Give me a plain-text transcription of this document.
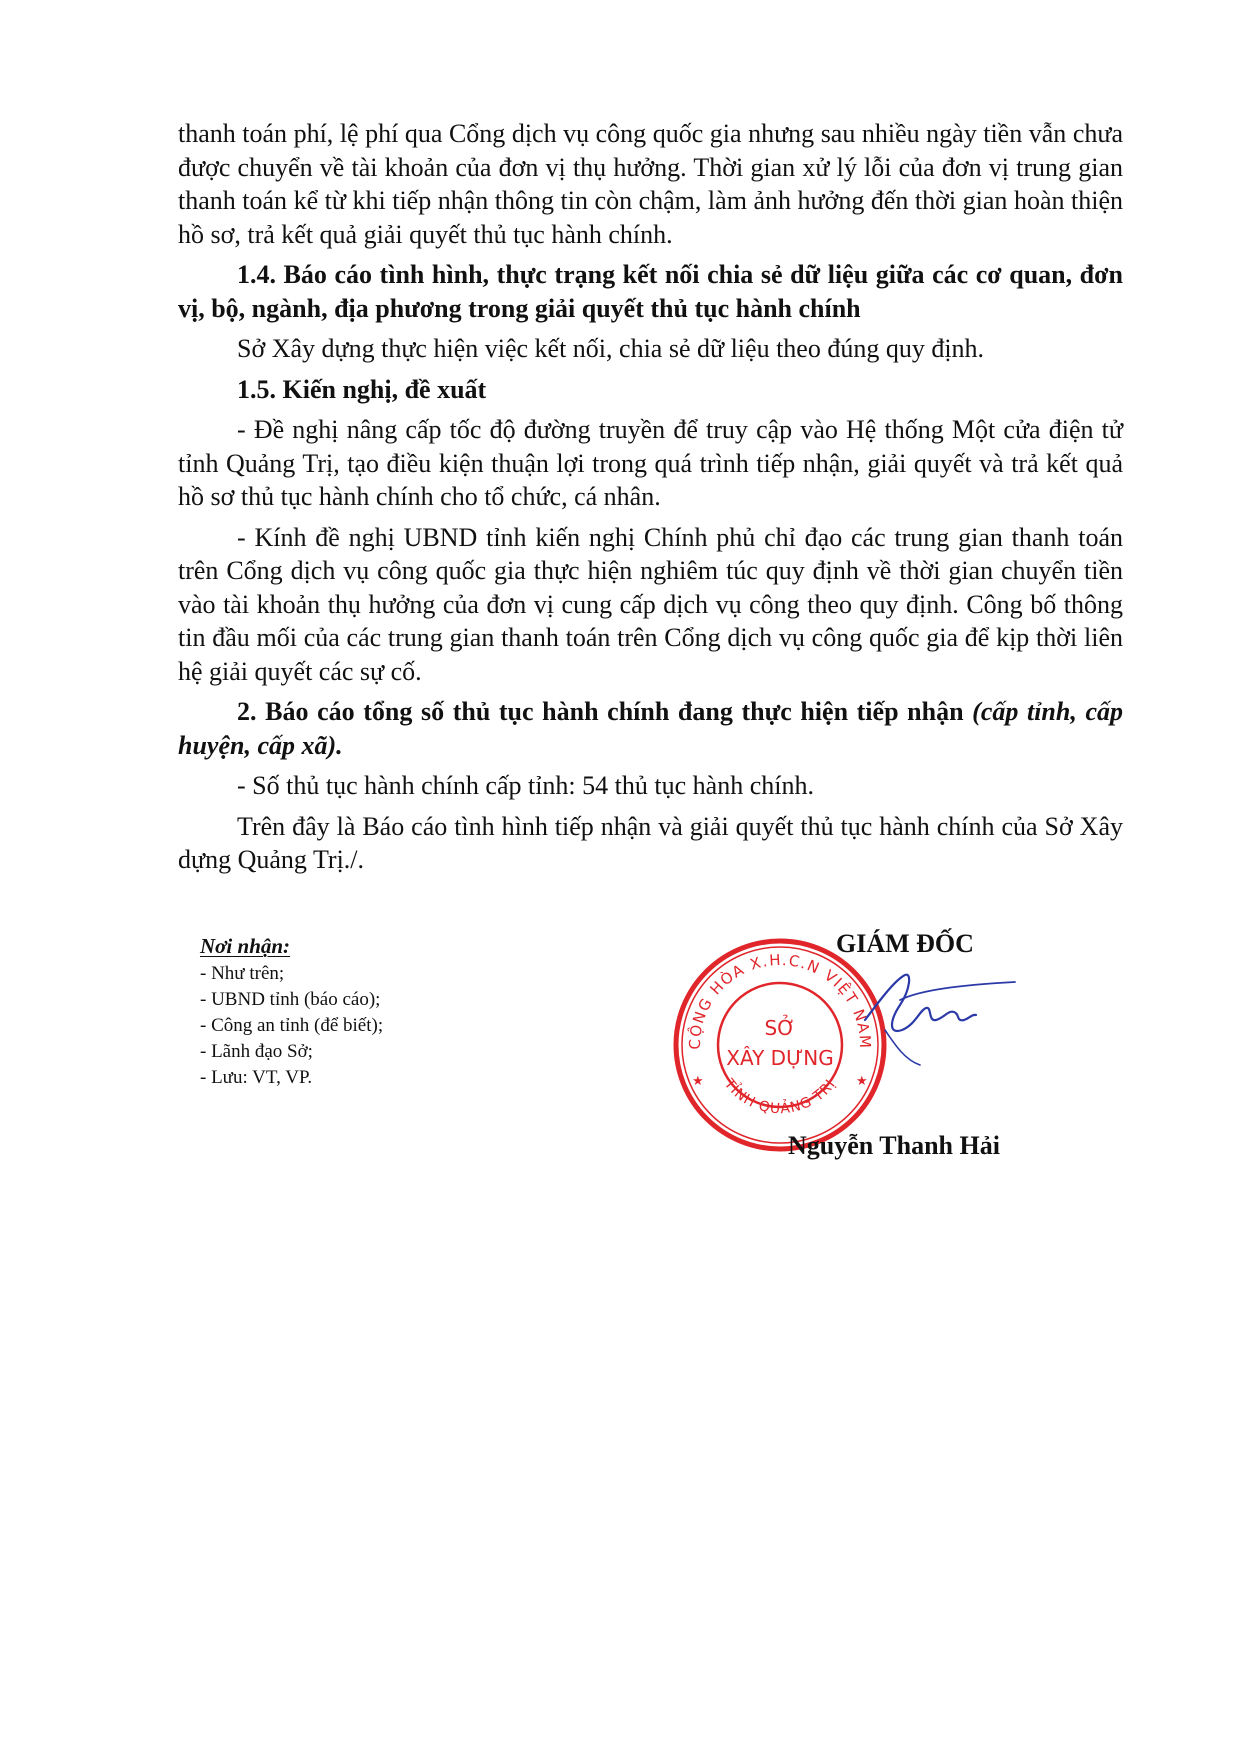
thanh toán phí, lệ phí qua Cổng dịch vụ công quốc gia nhưng sau nhiều ngày tiền vẫn chưa được chuyển về tài khoản của đơn vị thụ hưởng. Thời gian xử lý lỗi của đơn vị trung gian thanh toán kể từ khi tiếp nhận thông tin còn chậm, làm ảnh hưởng đến thời gian hoàn thiện hồ sơ, trả kết quả giải quyết thủ tục hành chính.

1.4. Báo cáo tình hình, thực trạng kết nối chia sẻ dữ liệu giữa các cơ quan, đơn vị, bộ, ngành, địa phương trong giải quyết thủ tục hành chính

Sở Xây dựng thực hiện việc kết nối, chia sẻ dữ liệu theo đúng quy định.

1.5. Kiến nghị, đề xuất

- Đề nghị nâng cấp tốc độ đường truyền để truy cập vào Hệ thống Một cửa điện tử tỉnh Quảng Trị, tạo điều kiện thuận lợi trong quá trình tiếp nhận, giải quyết và trả kết quả hồ sơ thủ tục hành chính cho tổ chức, cá nhân.

- Kính đề nghị UBND tỉnh kiến nghị Chính phủ chỉ đạo các trung gian thanh toán trên Cổng dịch vụ công quốc gia thực hiện nghiêm túc quy định về thời gian chuyển tiền vào tài khoản thụ hưởng của đơn vị cung cấp dịch vụ công theo quy định. Công bố thông tin đầu mối của các trung gian thanh toán trên Cổng dịch vụ công quốc gia để kịp thời liên hệ giải quyết các sự cố.

2. Báo cáo tổng số thủ tục hành chính đang thực hiện tiếp nhận (cấp tỉnh, cấp huyện, cấp xã).

- Số thủ tục hành chính cấp tỉnh: 54 thủ tục hành chính.

Trên đây là Báo cáo tình hình tiếp nhận và giải quyết thủ tục hành chính của Sở Xây dựng Quảng Trị./.

Nơi nhận:
- Như trên;
- UBND tỉnh (báo cáo);
- Công an tỉnh (để biết);
- Lãnh đạo Sở;
- Lưu: VT, VP.
CỘNG HÒA X.H.C.N VIỆT NAM
TỈNH QUẢNG TRỊ
★	★
SỞ
XÂY DỰNG
GIÁM ĐỐC
Nguyễn Thanh Hải
